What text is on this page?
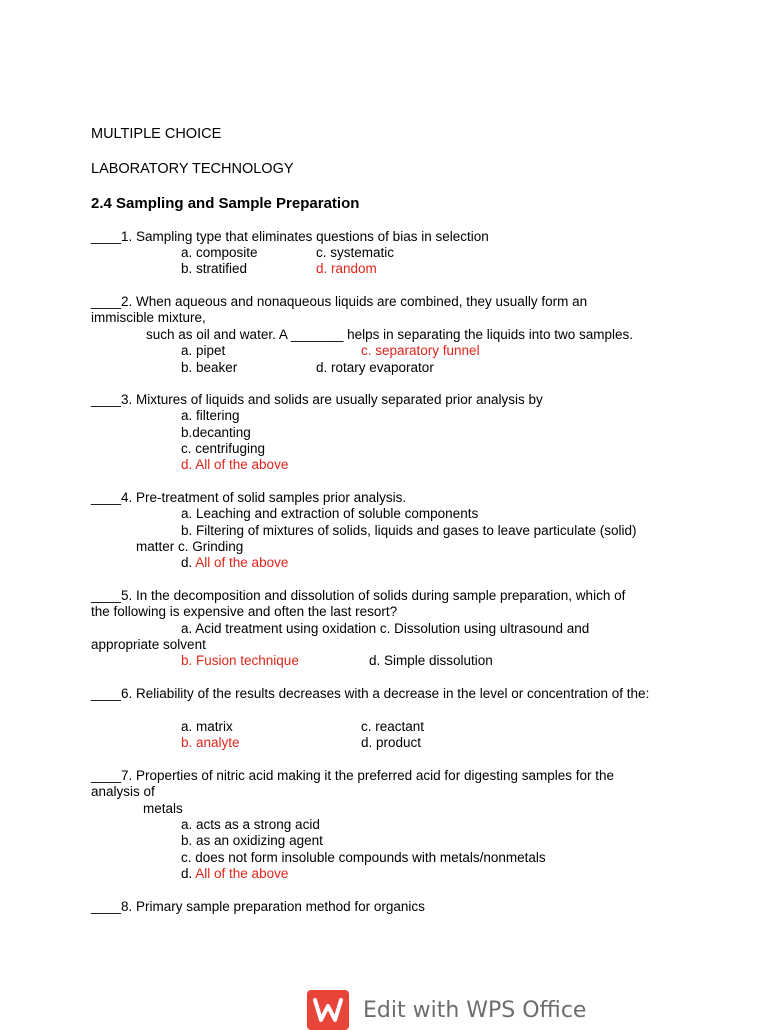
MULTIPLE CHOICE
LABORATORY TECHNOLOGY
2.4 Sampling and Sample Preparation
____1. Sampling type that eliminates questions of bias in selection
a. composite	c. systematic
b. stratified	d. random
____2. When aqueous and nonaqueous liquids are combined, they usually form an
immiscible mixture,
such as oil and water. A _______ helps in separating the liquids into two samples.
a. pipet	c. separatory funnel
b. beaker	d. rotary evaporator
____3. Mixtures of liquids and solids are usually separated prior analysis by
a. filtering
b.decanting
c. centrifuging
d. All of the above
____4. Pre-treatment of solid samples prior analysis.
a. Leaching and extraction of soluble components
b. Filtering of mixtures of solids, liquids and gases to leave particulate (solid)
matter c. Grinding
d. All of the above
____5. In the decomposition and dissolution of solids during sample preparation, which of
the following is expensive and often the last resort?
a. Acid treatment using oxidation c. Dissolution using ultrasound and
appropriate solvent
b. Fusion technique	d. Simple dissolution
____6. Reliability of the results decreases with a decrease in the level or concentration of the:
a. matrix	c. reactant
b. analyte	d. product
____7. Properties of nitric acid making it the preferred acid for digesting samples for the
analysis of
metals
a. acts as a strong acid
b. as an oxidizing agent
c. does not form insoluble compounds with metals/nonmetals
d. All of the above
____8. Primary sample preparation method for organics
Edit with WPS Office
